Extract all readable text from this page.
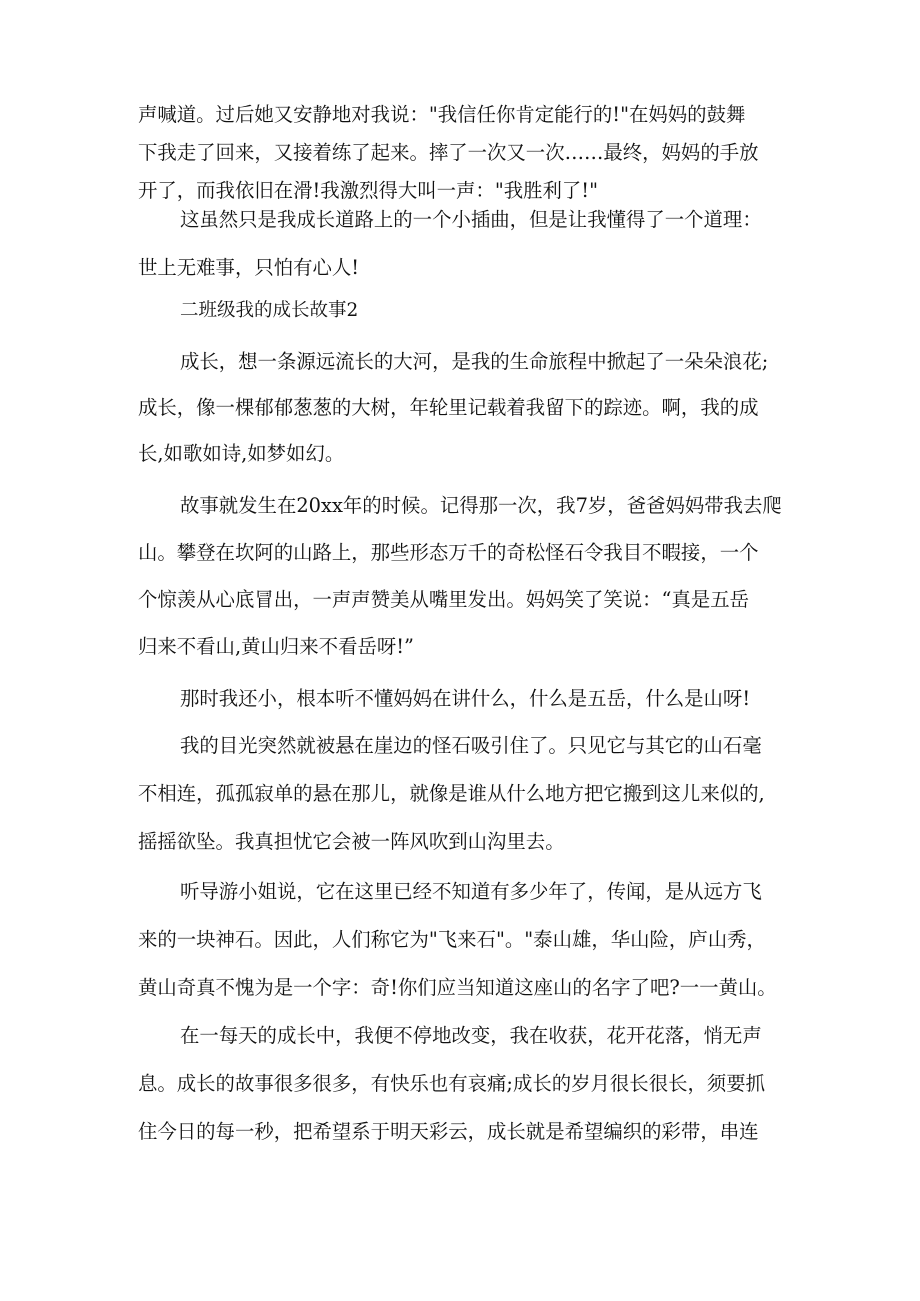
声喊道。过后她又安静地对我说："我信任你肯定能行的!"在妈妈的鼓舞
下我走了回来，又接着练了起来。摔了一次又一次……最终，妈妈的手放
开了，而我依旧在滑!我激烈得大叫一声："我胜利了!"
这虽然只是我成长道路上的一个小插曲，但是让我懂得了一个道理：
世上无难事，只怕有心人!
二班级我的成长故事2
成长，想一条源远流长的大河，是我的生命旅程中掀起了一朵朵浪花;
成长，像一棵郁郁葱葱的大树，年轮里记载着我留下的踪迹。啊，我的成
长,如歌如诗,如梦如幻。
故事就发生在20xx年的时候。记得那一次，我7岁，爸爸妈妈带我去爬
山。攀登在坎阿的山路上，那些形态万千的奇松怪石令我目不暇接，一个
个惊羡从心底冒出，一声声赞美从嘴里发出。妈妈笑了笑说：“真是五岳
归来不看山,黄山归来不看岳呀!”
那时我还小，根本听不懂妈妈在讲什么，什么是五岳，什么是山呀!
我的目光突然就被悬在崖边的怪石吸引住了。只见它与其它的山石毫
不相连，孤孤寂单的悬在那儿，就像是谁从什么地方把它搬到这儿来似的,
摇摇欲坠。我真担忧它会被一阵风吹到山沟里去。
听导游小姐说，它在这里已经不知道有多少年了，传闻，是从远方飞
来的一块神石。因此，人们称它为"飞来石"。"泰山雄，华山险，庐山秀，
黄山奇真不愧为是一个字：奇!你们应当知道这座山的名字了吧?一一黄山。
在一每天的成长中，我便不停地改变，我在收获，花开花落，悄无声
息。成长的故事很多很多，有快乐也有哀痛;成长的岁月很长很长，须要抓
住今日的每一秒，把希望系于明天彩云，成长就是希望编织的彩带，串连
